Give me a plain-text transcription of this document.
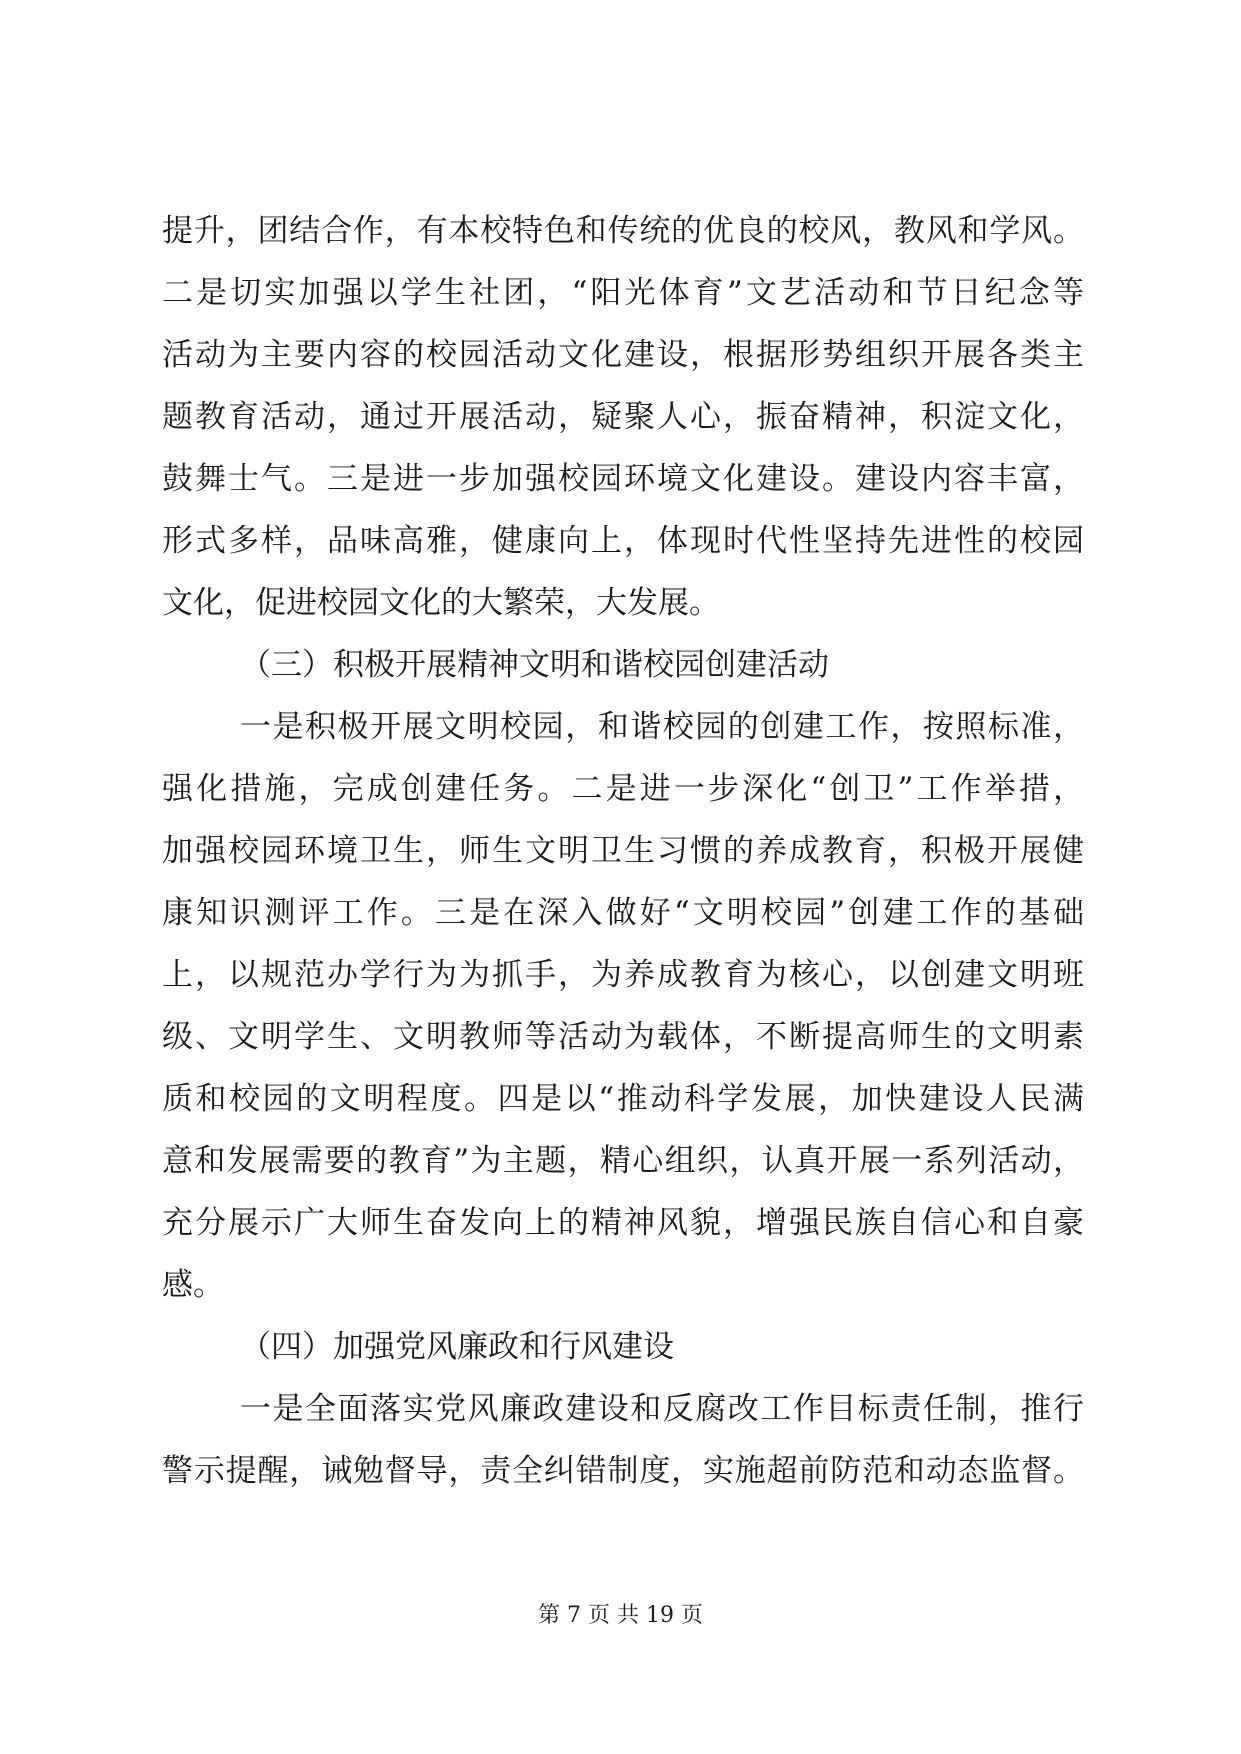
提升，团结合作，有本校特色和传统的优良的校风，教风和学风。
二是切实加强以学生社团，“阳光体育”文艺活动和节日纪念等
活动为主要内容的校园活动文化建设，根据形势组织开展各类主
题教育活动，通过开展活动，疑聚人心，振奋精神，积淀文化，
鼓舞士气。三是进一步加强校园环境文化建设。建设内容丰富，
形式多样，品味高雅，健康向上，体现时代性坚持先进性的校园
文化，促进校园文化的大繁荣，大发展。
（三）积极开展精神文明和谐校园创建活动
一是积极开展文明校园，和谐校园的创建工作，按照标准，
强化措施，完成创建任务。二是进一步深化“创卫”工作举措，
加强校园环境卫生，师生文明卫生习惯的养成教育，积极开展健
康知识测评工作。三是在深入做好“文明校园”创建工作的基础
上，以规范办学行为为抓手，为养成教育为核心，以创建文明班
级、文明学生、文明教师等活动为载体，不断提高师生的文明素
质和校园的文明程度。四是以“推动科学发展，加快建设人民满
意和发展需要的教育”为主题，精心组织，认真开展一系列活动，
充分展示广大师生奋发向上的精神风貌，增强民族自信心和自豪
感。
（四）加强党风廉政和行风建设
一是全面落实党风廉政建设和反腐改工作目标责任制，推行
警示提醒，诫勉督导，责全纠错制度，实施超前防范和动态监督。
第 7 页 共 19 页
